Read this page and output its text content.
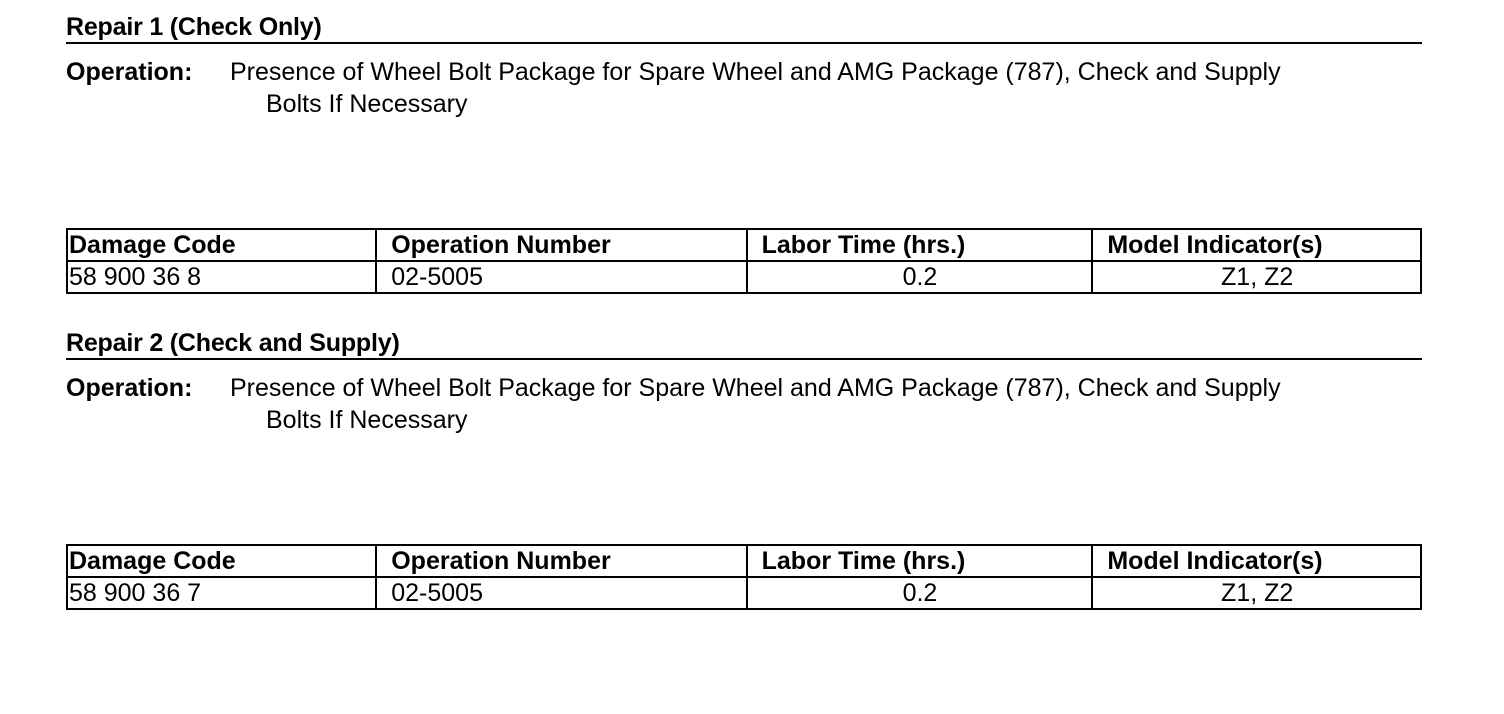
Repair 1 (Check Only)
Operation: Presence of Wheel Bolt Package for Spare Wheel and AMG Package (787), Check and Supply
Bolts If Necessary
Damage Code	Operation Number	Labor Time (hrs.)	Model Indicator(s)
58 900 36 8	02-5005	0.2	Z1, Z2
Repair 2 (Check and Supply)
Operation: Presence of Wheel Bolt Package for Spare Wheel and AMG Package (787), Check and Supply
Bolts If Necessary
Damage Code	Operation Number	Labor Time (hrs.)	Model Indicator(s)
58 900 36 7	02-5005	0.2	Z1, Z2
